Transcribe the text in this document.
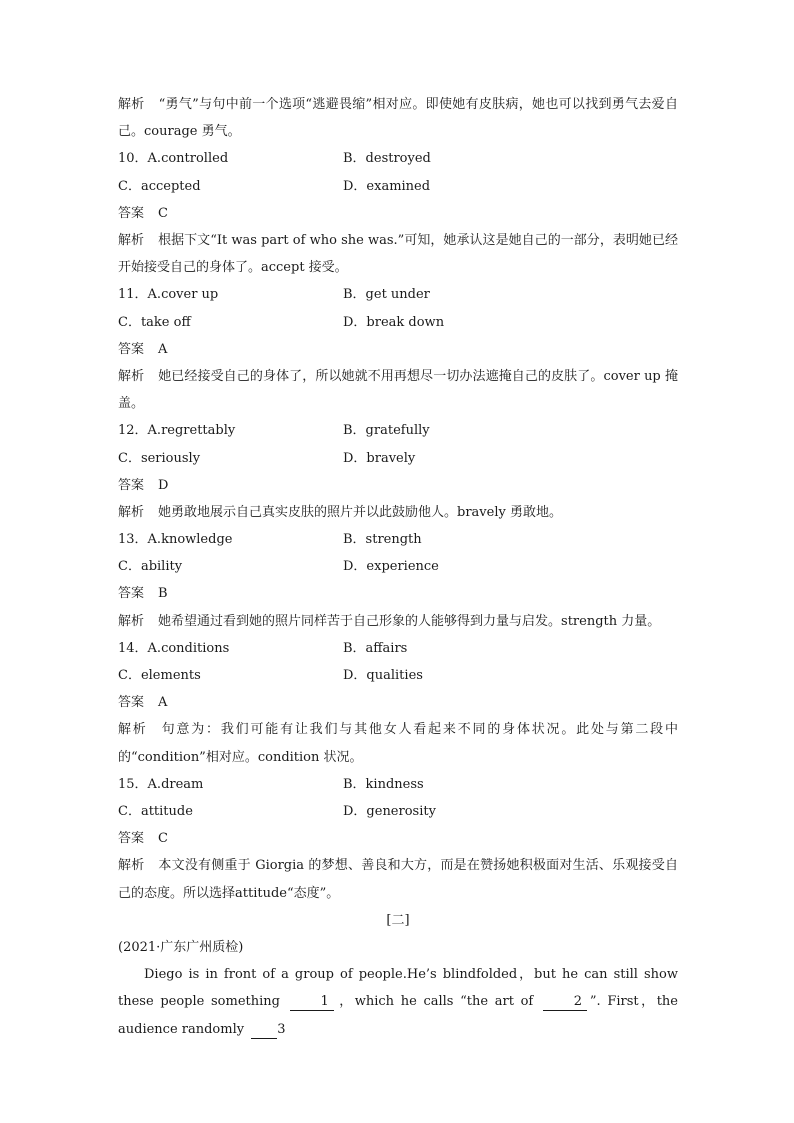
解析 “勇气”与句中前一个选项“逃避畏缩”相对应。即使她有皮肤病，她也可以找到勇气去爱自己。courage 勇气。
10．A.controlled	B．destroyed
C．accepted	D．examined
答案 C
解析 根据下文“It was part of who she was.”可知，她承认这是她自己的一部分，表明她已经开始接受自己的身体了。accept 接受。
11．A.cover up	B．get under
C．take off	D．break down
答案 A
解析 她已经接受自己的身体了，所以她就不用再想尽一切办法遮掩自己的皮肤了。cover up 掩盖。
12．A.regrettably	B．gratefully
C．seriously	D．bravely
答案 D
解析 她勇敢地展示自己真实皮肤的照片并以此鼓励他人。bravely 勇敢地。
13．A.knowledge	B．strength
C．ability	D．experience
答案 B
解析 她希望通过看到她的照片同样苦于自己形象的人能够得到力量与启发。strength 力量。
14．A.conditions	B．affairs
C．elements	D．qualities
答案 A
解析 句意为：我们可能有让我们与其他女人看起来不同的身体状况。此处与第二段中的“condition”相对应。condition 状况。
15．A.dream	B．kindness
C．attitude	D．generosity
答案 C
解析 本文没有侧重于 Giorgia 的梦想、善良和大方，而是在赞扬她积极面对生活、乐观接受自己的态度。所以选择attitude“态度”。
[二]
(2021·广东广州质检)
Diego is in front of a group of people.He’s blindfolded，but he can still show these people something	1 ，which he calls “the art of	2 ”. First，the audience randomly 3
